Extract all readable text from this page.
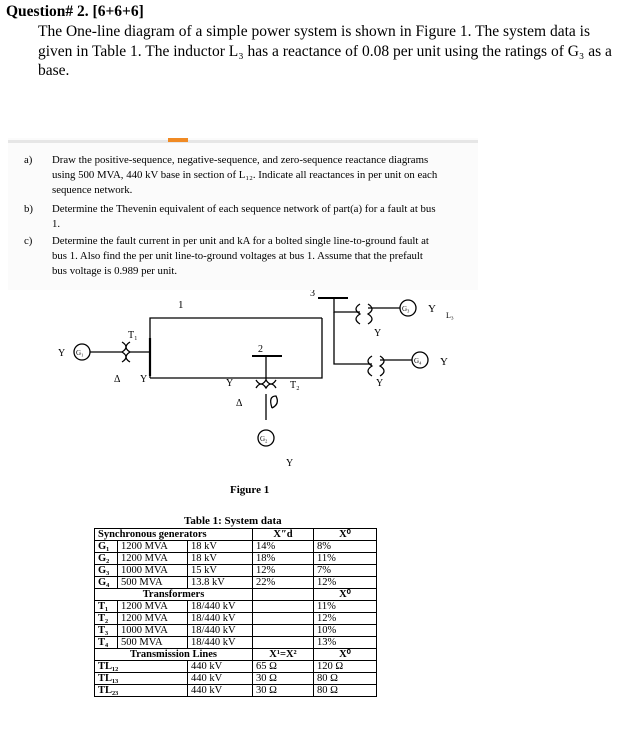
Question# 2. [6+6+6]
The One-line diagram of a simple power system is shown in Figure 1. The system data is
given in Table 1. The inductor L₃ has a reactance of 0.08 per unit using the ratings of G₃ as a
base.
a) Draw the positive-sequence, negative-sequence, and zero-sequence reactance diagrams
using 500 MVA, 440 kV base in section of L₁₂. Indicate all reactances in per unit on each
sequence network.
b) Determine the Thevenin equivalent of each sequence network of part(a) for a fault at bus
1.
c) Determine the fault current in per unit and kA for a bolted single line-to-ground fault at
bus 1. Also find the per unit line-to-ground voltages at bus 1. Assume that the prefault
bus voltage is 0.989 per unit.
1
3
2
T₁
Δ Y
G₁
Y
T₂
Δ
Y
G₂
Y
G₃ Y
L₃
Y
G₄ Y
Y
Figure 1
Table 1: System data
Synchronous generators			X″d	X⁰
G₁	1200 MVA	18 kV	14%	8%
G₂	1200 MVA	18 kV	18%	11%
G₃	1000 MVA	15 kV	12%	7%
G₄	500 MVA	13.8 kV	22%	12%
Transformers				X⁰
T₁	1200 MVA	18/440 kV		11%
T₂	1200 MVA	18/440 kV		12%
T₃	1000 MVA	18/440 kV		10%
T₄	500 MVA	18/440 kV		13%
Transmission Lines			X¹=X²	X⁰
TL₁₂		440 kV	65 Ω	120 Ω
TL₁₃		440 kV	30 Ω	80 Ω
TL₂₃		440 kV	30 Ω	80 Ω
